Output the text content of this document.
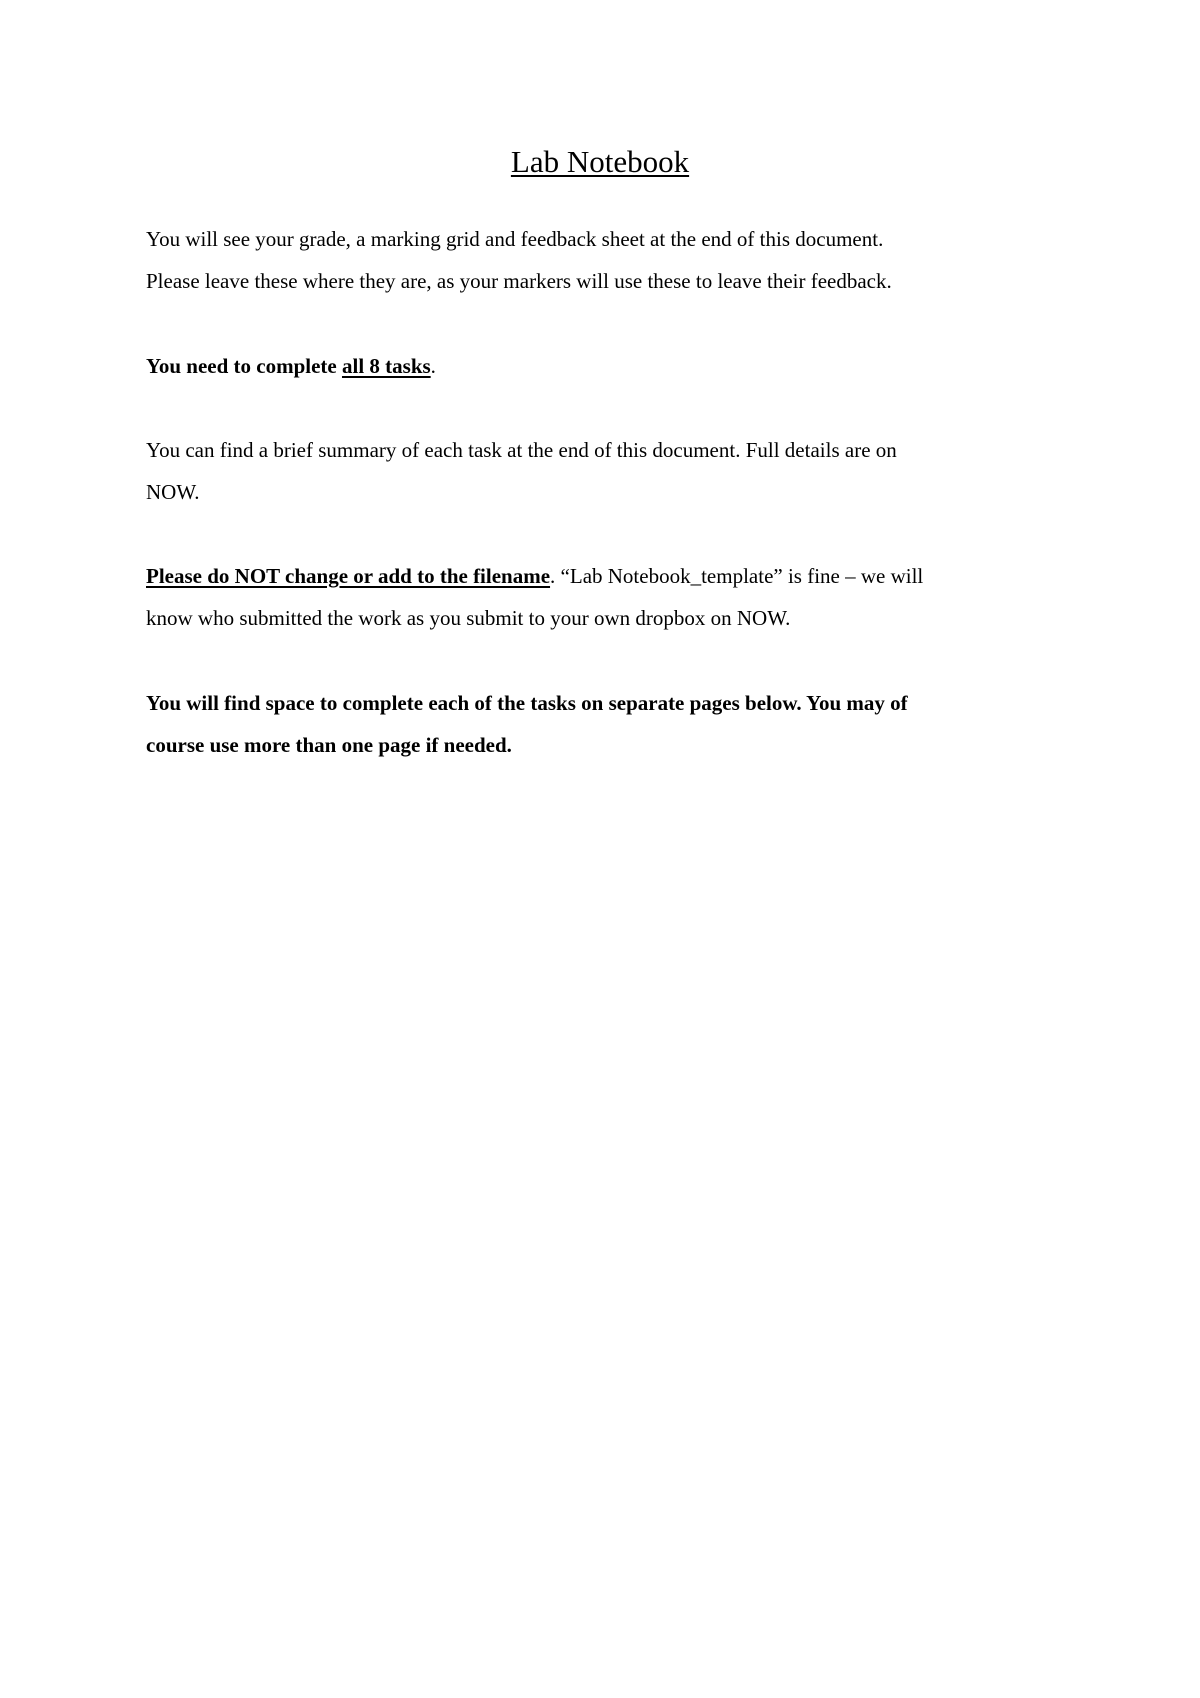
Lab Notebook
You will see your grade, a marking grid and feedback sheet at the end of this document.
Please leave these where they are, as your markers will use these to leave their feedback.
You need to complete all 8 tasks.
You can find a brief summary of each task at the end of this document. Full details are on
NOW.
Please do NOT change or add to the filename. “Lab Notebook_template” is fine – we will
know who submitted the work as you submit to your own dropbox on NOW.
You will find space to complete each of the tasks on separate pages below. You may of
course use more than one page if needed.
